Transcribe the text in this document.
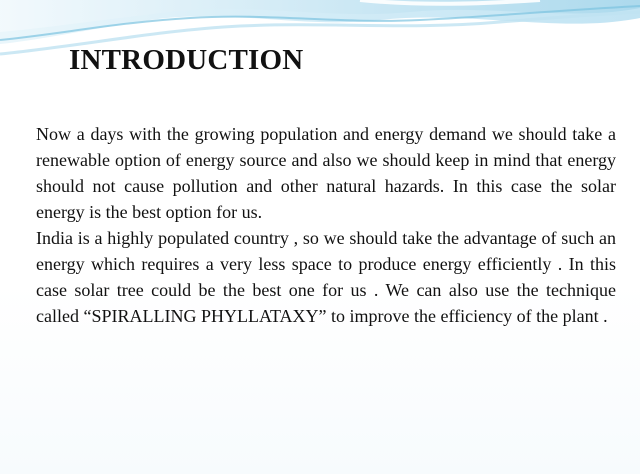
INTRODUCTION

Now a days with the growing population and energy demand we should take a renewable option of energy source and also we should keep in mind that energy should not cause pollution and other natural hazards. In this case the solar energy is the best option for us.

India is a highly populated country , so we should take the advantage of such an energy which requires a very less space to produce energy efficiently . In this case solar tree could be the best one for us . We can also use the technique called “SPIRALLING PHYLLATAXY” to improve the efficiency of the plant .
